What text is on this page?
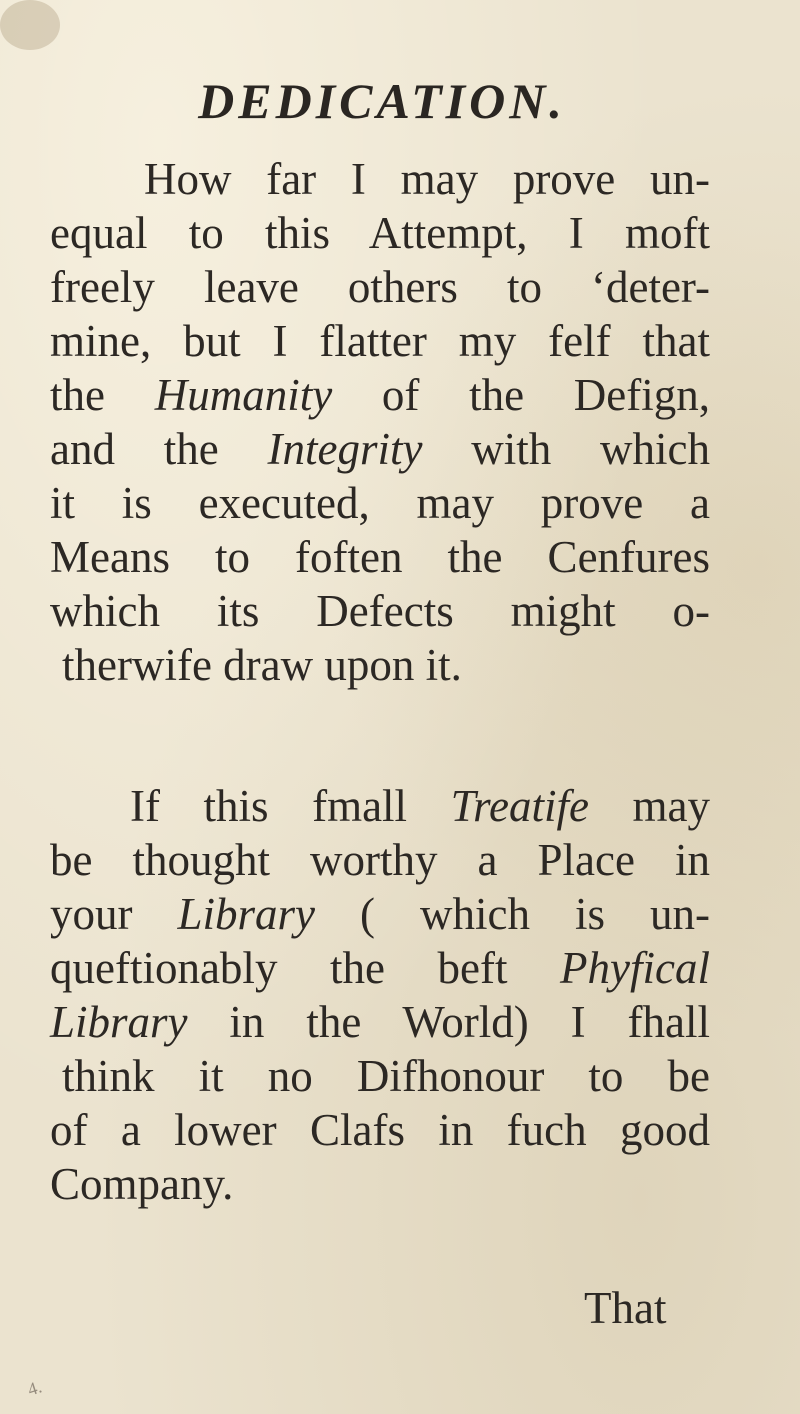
DEDICATION.
How far I may prove un-
equal to this Attempt, I moft
freely leave others to ‘deter-
mine, but I flatter my felf that
the Humanity of the Defign,
and the Integrity with which
it is executed, may prove a
Means to foften the Cenfures
which its Defects might o-
therwife draw upon it.
If this fmall Treatife may
be thought worthy a Place in
your Library ( which is un-
queftionably the beft Phyfical
Library in the World) I fhall
think it no Difhonour to be
of a lower Clafs in fuch good
Company.
That
4.
